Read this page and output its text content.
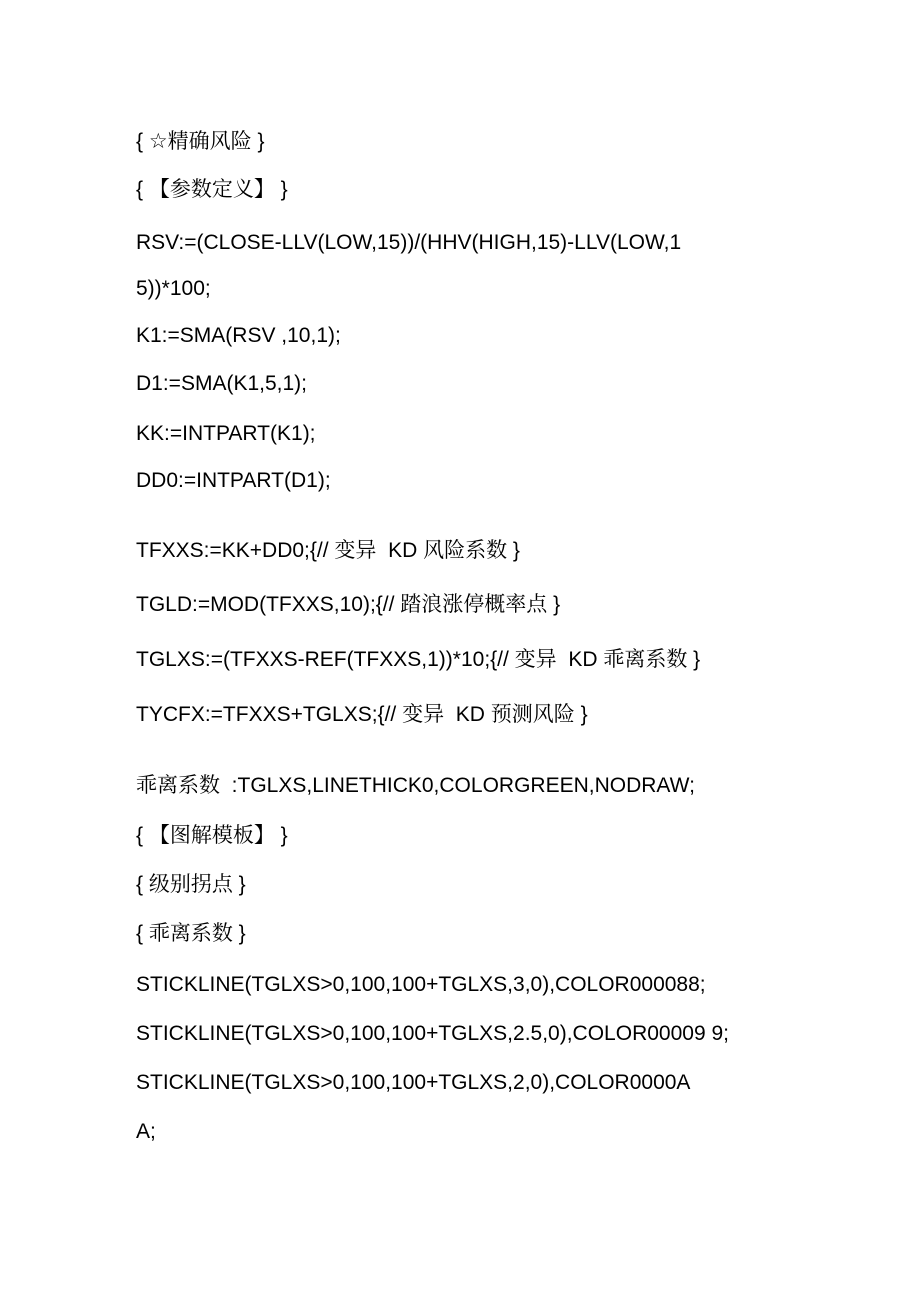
{ ☆精确风险 }
{ 【参数定义】 }
RSV:=(CLOSE-LLV(LOW,15))/(HHV(HIGH,15)-LLV(LOW,1
5))*100;
K1:=SMA(RSV ,10,1);
D1:=SMA(K1,5,1);
KK:=INTPART(K1);
DD0:=INTPART(D1);
TFXXS:=KK+DD0;{// 变异  KD 风险系数 }
TGLD:=MOD(TFXXS,10);{// 踏浪涨停概率点 }
TGLXS:=(TFXXS-REF(TFXXS,1))*10;{// 变异  KD 乖离系数 }
TYCFX:=TFXXS+TGLXS;{// 变异  KD 预测风险 }
乖离系数  :TGLXS,LINETHICK0,COLORGREEN,NODRAW;
{ 【图解模板】 }
{ 级别拐点 }
{ 乖离系数 }
STICKLINE(TGLXS>0,100,100+TGLXS,3,0),COLOR000088;
STICKLINE(TGLXS>0,100,100+TGLXS,2.5,0),COLOR00009 9;
STICKLINE(TGLXS>0,100,100+TGLXS,2,0),COLOR0000A
A;
